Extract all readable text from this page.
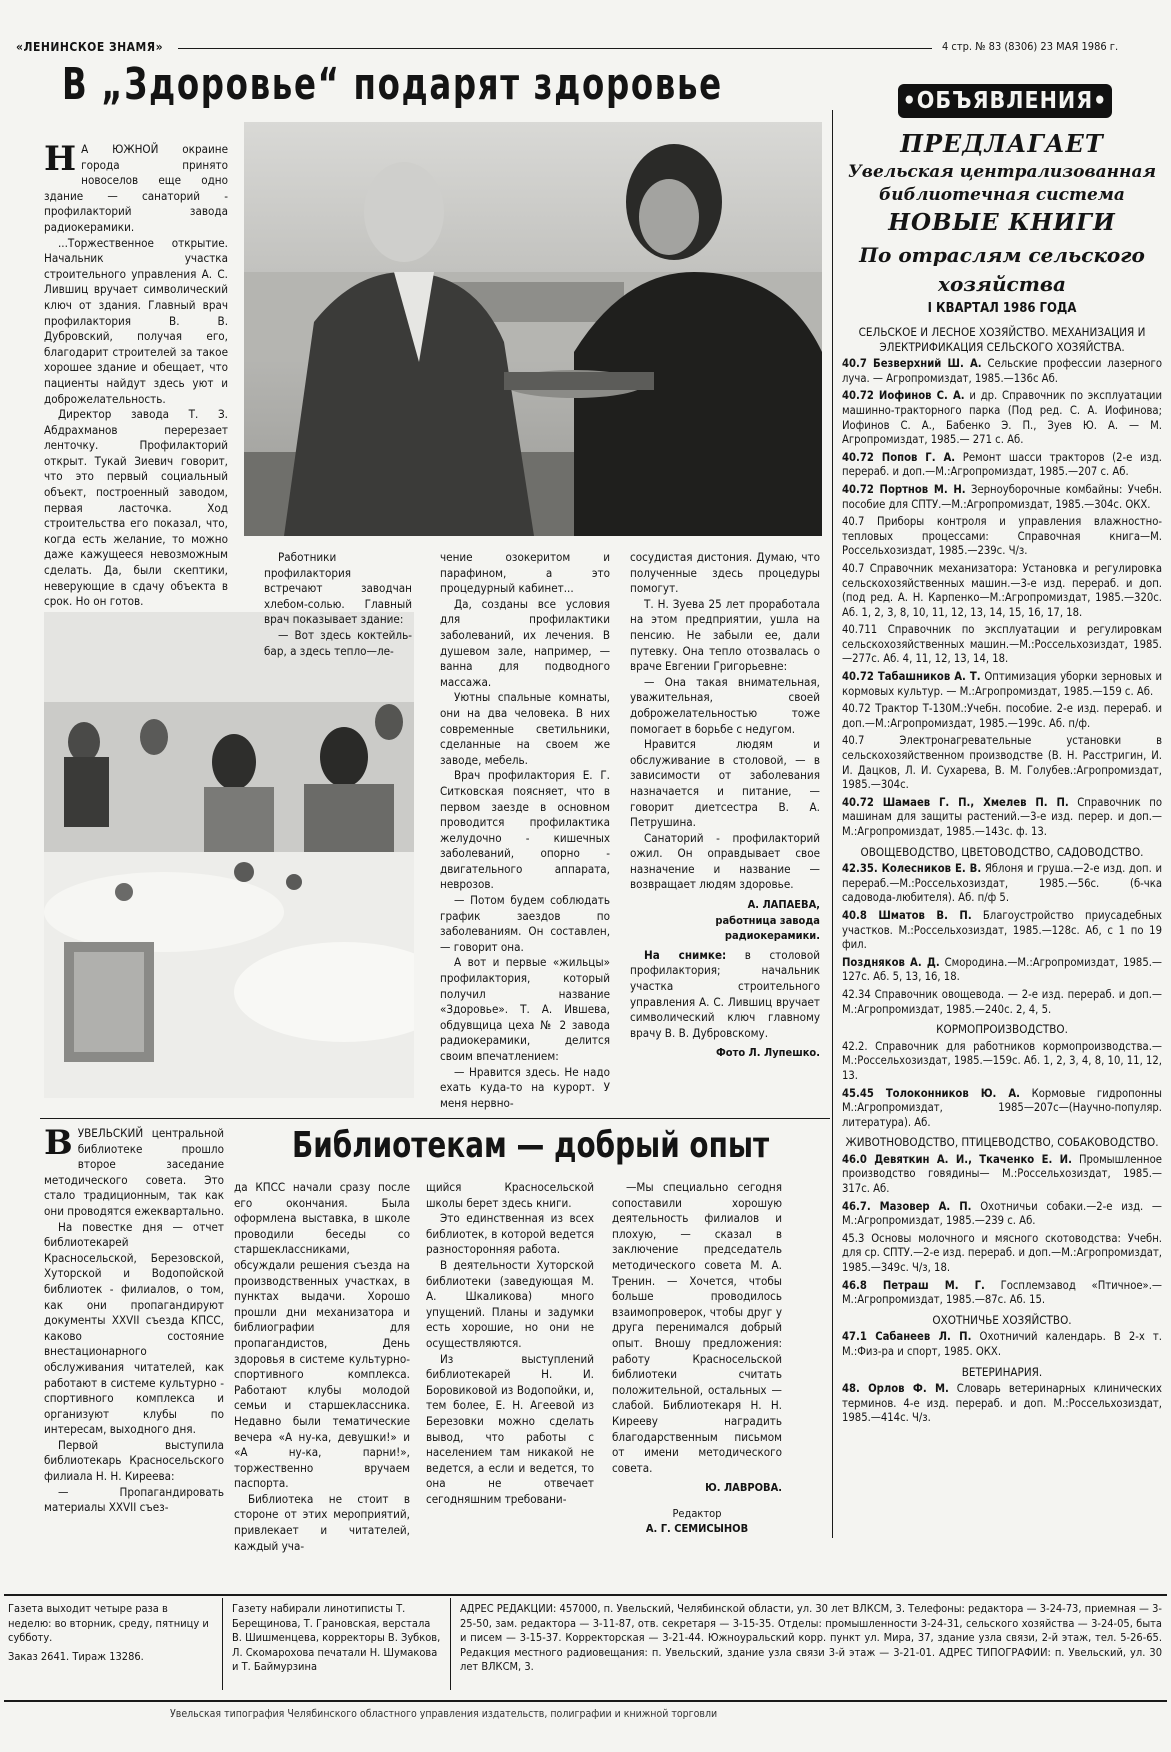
«ЛЕНИНСКОЕ ЗНАМЯ»	4 стр. № 83 (8306) 23 МАЯ 1986 г.
В „Здоровье“ подарят здоровье
Н А ЮЖНОЙ окраине города принято новоселов еще одно здание — санаторий - профилакторий завода радиокерамики.

...Торжественное открытие. Начальник участка строительного управления А. С. Лившиц вручает символический ключ от здания. Главный врач профилактория В. В. Дубровский, получая его, благодарит строителей за такое хорошее здание и обещает, что пациенты найдут здесь уют и доброжелательность.

Директор завода Т. З. Абдрахманов перерезает ленточку. Профилакторий открыт. Тукай Зиевич говорит, что это первый социальный объект, построенный заводом, первая ласточка. Ход строительства его показал, что, когда есть желание, то можно даже кажущееся невозможным сделать. Да, были скептики, неверующие в сдачу объекта в срок. Но он готов.

Работники профилактория встречают заводчан хлебом-солью. Главный врач показывает здание:

— Вот здесь коктейль-бар, а здесь тепло—ле-

чение озокеритом и парафином, а это процедурный кабинет...

Да, созданы все условия для профилактики заболеваний, их лечения. В душевом зале, например, — ванна для подводного массажа.

Уютны спальные комнаты, они на два человека. В них современные светильники, сделанные на своем же заводе, мебель.

Врач профилактория Е. Г. Ситковская поясняет, что в первом заезде в основном проводится профилактика желудочно - кишечных заболеваний, опорно - двигательного аппарата, неврозов.

— Потом будем соблюдать график заездов по заболеваниям. Он составлен, — говорит она.

А вот и первые «жильцы» профилактория, который получил название «Здоровье». Т. А. Ившева, обдувщица цеха № 2 завода радиокерамики, делится своим впечатлением:

— Нравится здесь. Не надо ехать куда-то на курорт. У меня нервно-

сосудистая дистония. Думаю, что полученные здесь процедуры помогут.

Т. Н. Зуева 25 лет проработала на этом предприятии, ушла на пенсию. Не забыли ее, дали путевку. Она тепло отозвалась о враче Евгении Григорьевне:

— Она такая внимательная, уважительная, своей доброжелательностью тоже помогает в борьбе с недугом.

Нравится людям и обслуживание в столовой, — в зависимости от заболевания назначается и питание, — говорит диетсестра В. А. Петрушина.

Санаторий - профилакторий ожил. Он оправдывает свое назначение и название — возвращает людям здоровье.

А. ЛАПАЕВА,
работница завода радиокерамики.

На снимке: в столовой профилактория; начальник участка строительного управления А. С. Лившиц вручает символический ключ главному врачу В. В. Дубровскому.

Фото Л. Лупешко.
Библиотекам — добрый опыт
В УВЕЛЬСКИЙ центральной библиотеке прошло второе заседание методического совета. Это стало традиционным, так как они проводятся ежеквартально.

На повестке дня — отчет библиотекарей Красносельской, Березовской, Хуторской и Водопойской библиотек - филиалов, о том, как они пропагандируют документы XXVII съезда КПСС, каково состояние внестационарного обслуживания читателей, как работают в системе культурно - спортивного комплекса и организуют клубы по интересам, выходного дня.

Первой выступила библиотекарь Красносельского филиала Н. Н. Киреева:

— Пропагандировать материалы XXVII съез-

да КПСС начали сразу после его окончания. Была оформлена выставка, в школе проводили беседы со старшеклассниками, обсуждали решения съезда на производственных участках, в пунктах выдачи. Хорошо прошли дни механизатора и библиографии для пропагандистов, День здоровья в системе культурно-спортивного комплекса. Работают клубы молодой семьи и старшеклассника. Недавно были тематические вечера «А ну-ка, девушки!» и «А ну-ка, парни!», торжественно вручаем паспорта.

Библиотека не стоит в стороне от этих мероприятий, привлекает и читателей, каждый уча-

щийся Красносельской школы берет здесь книги.

Это единственная из всех библиотек, в которой ведется разносторонняя работа.

В деятельности Хуторской библиотеки (заведующая М. А. Шкаликова) много упущений. Планы и задумки есть хорошие, но они не осуществляются.

Из выступлений библиотекарей Н. И. Боровиковой из Водопойки, и, тем более, Е. Н. Агеевой из Березовки можно сделать вывод, что работы с населением там никакой не ведется, а если и ведется, то она не отвечает сегодняшним требовани-

—Мы специально сегодня сопоставили хорошую деятельность филиалов и плохую, — сказал в заключение председатель методического совета М. А. Тренин. — Хочется, чтобы больше проводилось взаимопроверок, чтобы друг у друга перенимался добрый опыт. Вношу предложения: работу Красносельской библиотеки считать положительной, остальных — слабой. Библиотекаря Н. Н. Кирееву наградить благодарственным письмом от имени методического совета.

Ю. ЛАВРОВА.
Редактор
А. Г. СЕМИСЫНОВ
•ОБЪЯВЛЕНИЯ•
ПРЕДЛАГАЕТ
Увельская централизованная
библиотечная система
НОВЫЕ КНИГИ
По отраслям сельского
хозяйства
I КВАРТАЛ 1986 ГОДА
СЕЛЬСКОЕ И ЛЕСНОЕ ХОЗЯЙСТВО. МЕХАНИЗАЦИЯ И ЭЛЕКТРИФИКАЦИЯ СЕЛЬСКОГО ХОЗЯЙСТВА.
40.7 Безверхний Ш. А. Сельские профессии лазерного луча. — Агропромиздат, 1985.—136с Аб.
40.72 Иофинов С. А. и др. Справочник по эксплуатации машинно-тракторного парка (Под ред. С. А. Иофинова; Иофинов С. А., Бабенко Э. П., Зуев Ю. А. — М. Агропромиздат, 1985.— 271 с. Аб.
40.72 Попов Г. А. Ремонт шасси тракторов (2-е изд. перераб. и доп.—М.:Агропромиздат, 1985.—207 с. Аб.
40.72 Портнов М. Н. Зерноуборочные комбайны: Учебн. пособие для СПТУ.—М.:Агропромиздат, 1985.—304с. ОКХ.
40.7 Приборы контроля и управления влажностно-тепловых процессами: Справочная книга—М. Россельхозиздат, 1985.—239с. Ч/з.
40.7 Справочник механизатора: Установка и регулировка сельскохозяйственных машин.—3-е изд. перераб. и доп. (под ред. А. Н. Карпенко—М.:Агропромиздат, 1985.—320с. Аб. 1, 2, 3, 8, 10, 11, 12, 13, 14, 15, 16, 17, 18.
40.711 Справочник по эксплуатации и регулировкам сельскохозяйственных машин.—М.:Россельхозиздат, 1985.—277с. Аб. 4, 11, 12, 13, 14, 18.
40.72 Табашников А. Т. Оптимизация уборки зерновых и кормовых культур. — М.:Агропромиздат, 1985.—159 с. Аб.
40.72 Трактор Т-130М.:Учебн. пособие. 2-е изд. перераб. и доп.—М.:Агропромиздат, 1985.—199с. Аб. п/ф.
40.7 Электронагревательные установки в сельскохозяйственном производстве (В. Н. Расстригин, И. И. Дацков, Л. И. Сухарева, В. М. Голубев.:Агропромиздат, 1985.—304с.
40.72 Шамаев Г. П., Хмелев П. П. Справочник по машинам для защиты растений.—3-е изд. перер. и доп.—М.:Агропромиздат, 1985.—143с. ф. 13.
ОВОЩЕВОДСТВО, ЦВЕТОВОДСТВО, САДОВОДСТВО.
42.35. Колесников Е. В. Яблоня и груша.—2-е изд. доп. и перераб.—М.:Россельхозиздат, 1985.—56с. (б-чка садовода-любителя). Аб. п/ф 5.
40.8 Шматов В. П. Благоустройство приусадебных участков. М.:Россельхозиздат, 1985.—128с. Аб, с 1 по 19 фил.
Поздняков А. Д. Смородина.—М.:Агропромиздат, 1985.—127с. Аб. 5, 13, 16, 18.
42.34 Справочник овощевода. — 2-е изд. перераб. и доп.—М.:Агропромиздат, 1985.—240с. 2, 4, 5.
КОРМОПРОИЗВОДСТВО.
42.2. Справочник для работников кормопроизводства.—М.:Россельхозиздат, 1985.—159с. Аб. 1, 2, 3, 4, 8, 10, 11, 12, 13.
45.45 Толоконников Ю. А. Кормовые гидропонны М.:Агропромиздат, 1985—207с—(Научно-популяр. литература). Аб.
ЖИВОТНОВОДСТВО, ПТИЦЕВОДСТВО, СОБАКОВОДСТВО.
46.0 Девяткин А. И., Ткаченко Е. И. Промышленное производство говядины— М.:Россельхозиздат, 1985.—317с. Аб.
46.7. Мазовер А. П. Охотничьи собаки.—2-е изд. —М.:Агропромиздат, 1985.—239 с. Аб.
45.3 Основы молочного и мясного скотоводства: Учебн. для ср. СПТУ.—2-е изд. перераб. и доп.—М.:Агропромиздат, 1985.—349с. Ч/з, 18.
46.8 Петраш М. Г. Госплемзавод «Птичное».—М.:Агропромиздат, 1985.—87с. Аб. 15.
ОХОТНИЧЬЕ ХОЗЯЙСТВО.
47.1 Сабанеев Л. П. Охотничий календарь. В 2-х т. М.:Физ-ра и спорт, 1985. ОКХ.
ВЕТЕРИНАРИЯ.
48. Орлов Ф. М. Словарь ветеринарных клинических терминов. 4-е изд. перераб. и доп. М.:Россельхозиздат, 1985.—414с. Ч/з.
Газета выходит четыре раза в неделю: во вторник, среду, пятницу и субботу.
Заказ 2641. Тираж 13286.
Газету набирали линотиписты Т. Берещинова, Т. Грановская, верстала В. Шишменцева, корректоры В. Зубков, Л. Скомарохова печатали Н. Шумакова и Т. Баймурзина
АДРЕС РЕДАКЦИИ: 457000, п. Увельский, Челябинской области, ул. 30 лет ВЛКСМ, 3. Телефоны: редактора — 3-24-73, приемная — 3-25-50, зам. редактора — 3-11-87, отв. секретаря — 3-15-35. Отделы: промышленности 3-24-31, сельского хозяйства — 3-24-05, быта и писем — 3-15-37. Корректорская — 3-21-44. Южноуральский корр. пункт ул. Мира, 37, здание узла связи, 2-й этаж, тел. 5-26-65. Редакция местного радиовещания: п. Увельский, здание узла связи 3-й этаж — 3-21-01. АДРЕС ТИПОГРАФИИ: п. Увельский, ул. 30 лет ВЛКСМ, 3.
Увельская типография Челябинского областного управления издательств, полиграфии и книжной торговли
